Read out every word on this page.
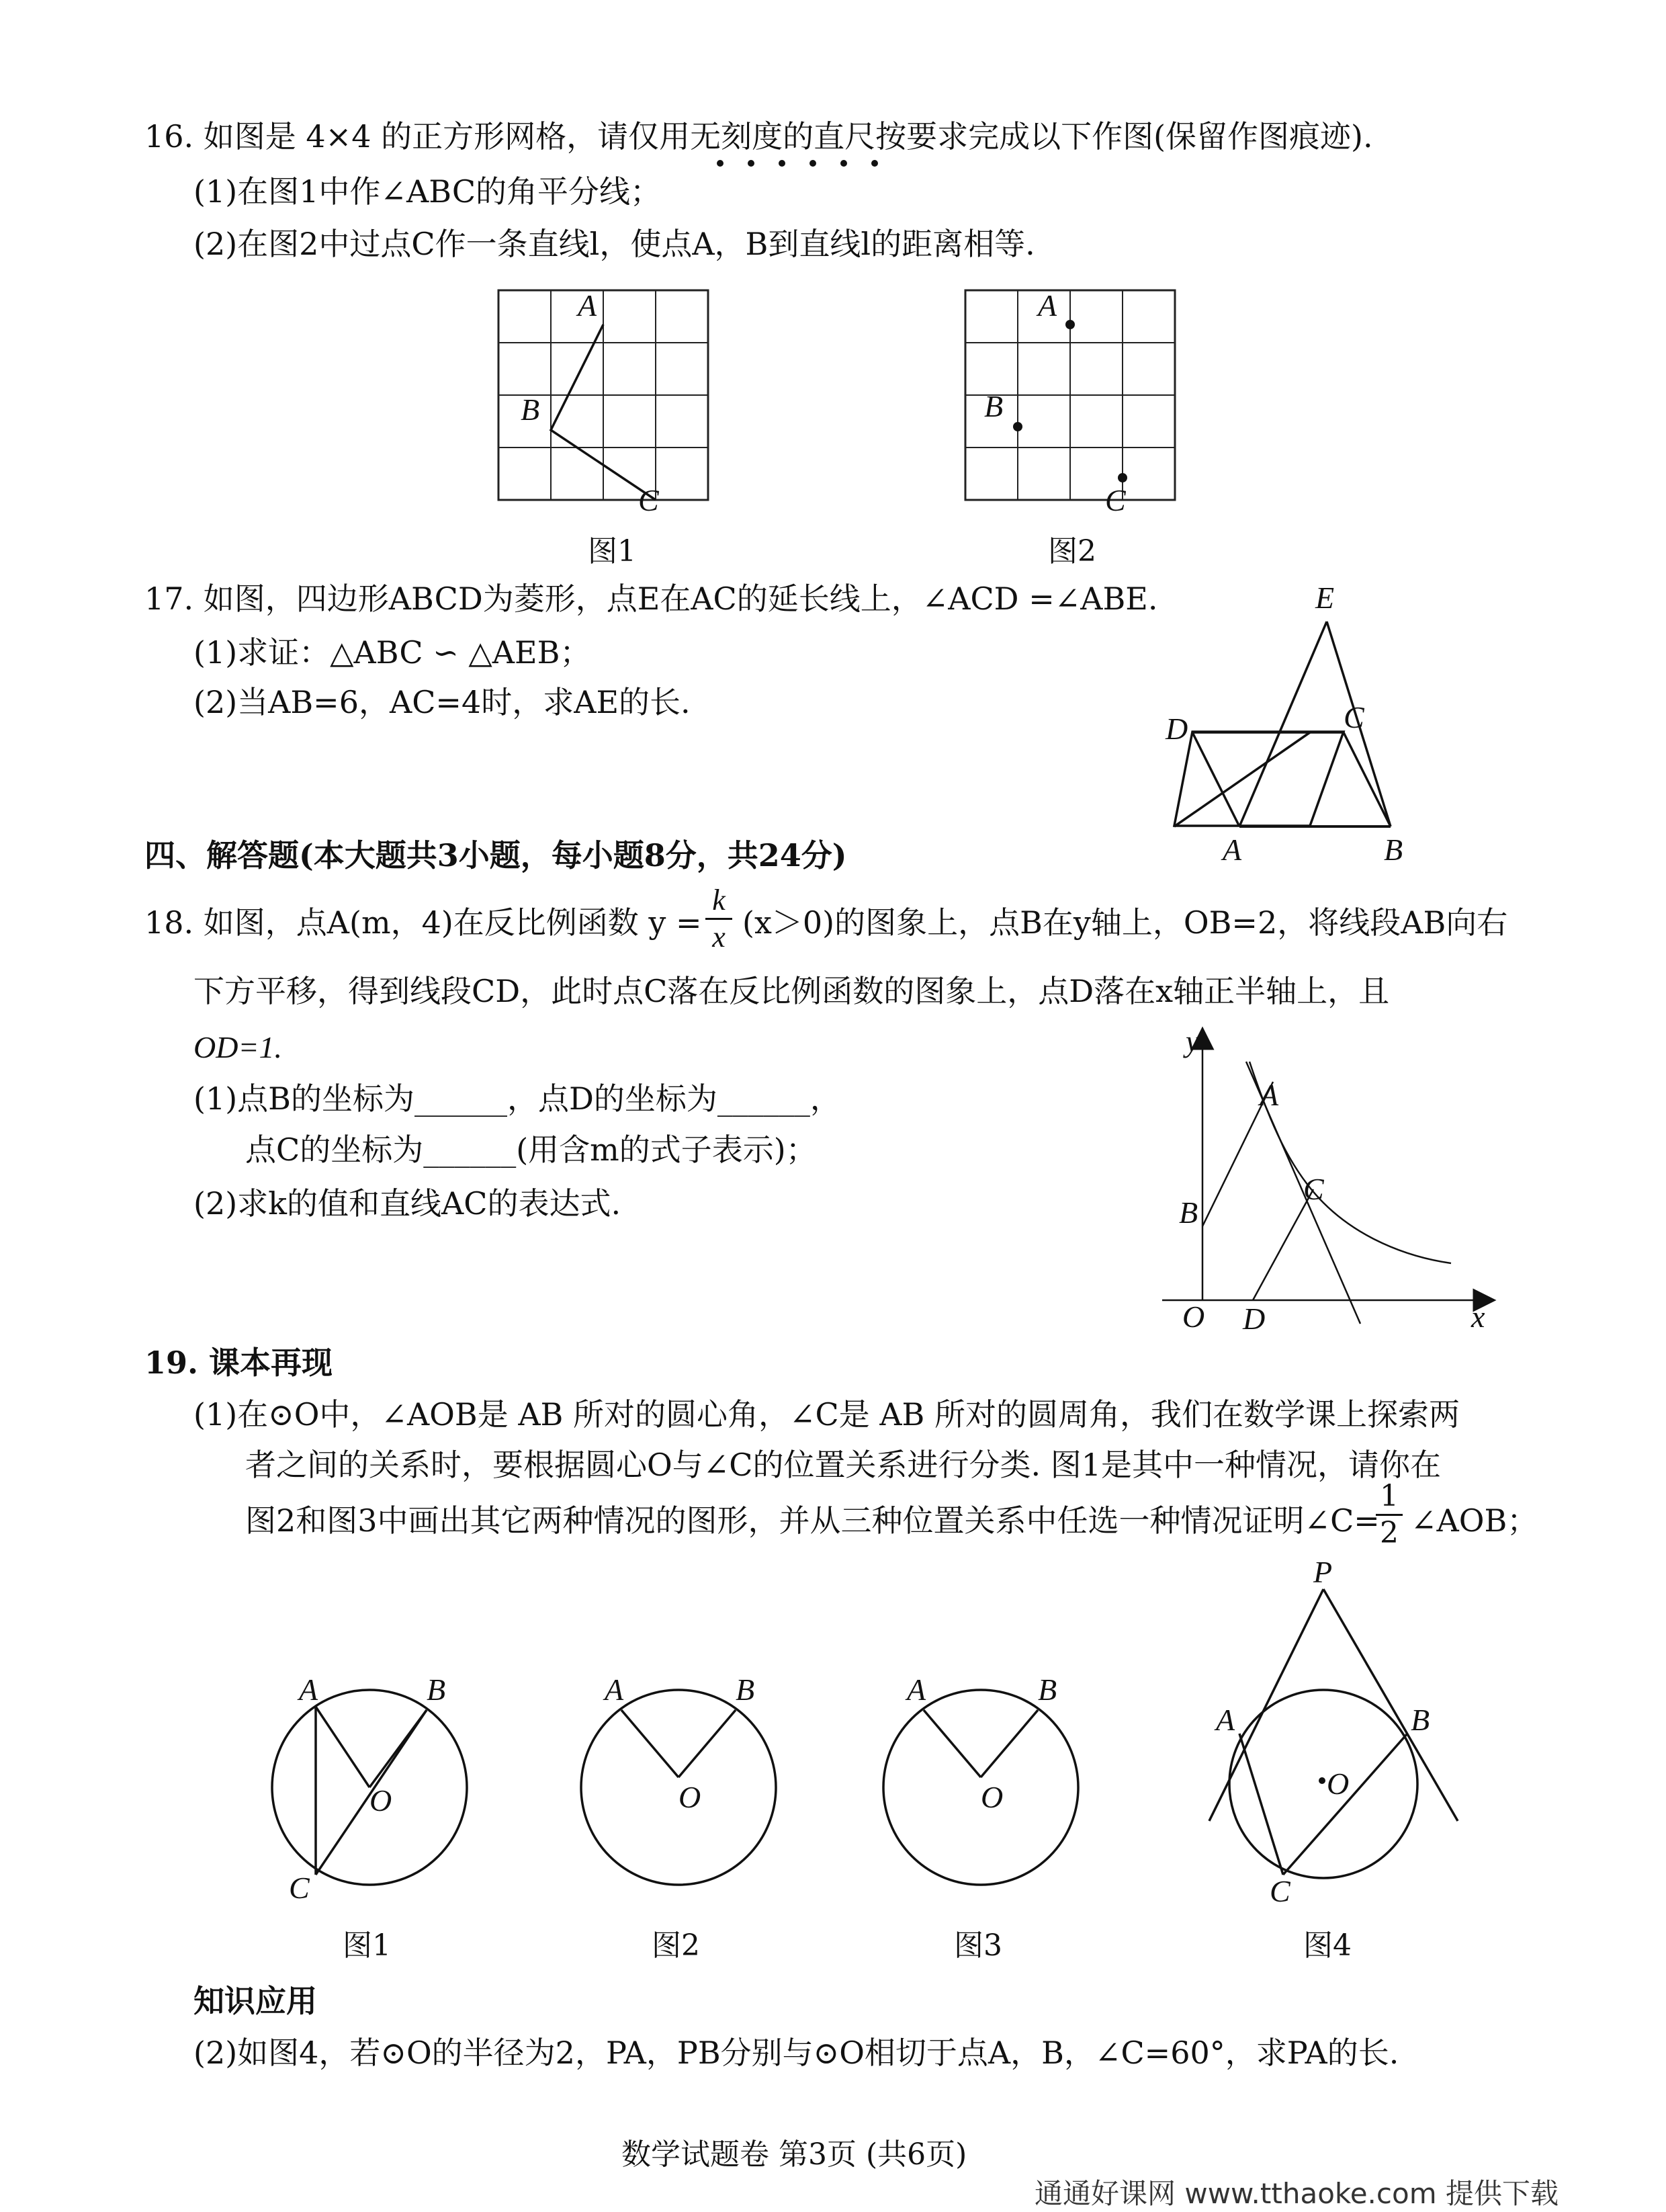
16. 如图是 4×4 的正方形网格，请仅用无刻度的直尺按要求完成以下作图(保留作图痕迹).
(1)在图1中作∠ABC的角平分线；
(2)在图2中过点C作一条直线l，使点A，B到直线l的距离相等.
A
B
C
图1
A
B
C
图2
17. 如图，四边形ABCD为菱形，点E在AC的延长线上，∠ACD =∠ABE.
(1)求证：△ABC ∽ △AEB；
(2)当AB=6，AC=4时，求AE的长.
E
D	C
A	B
四、解答题(本大题共3小题，每小题8分，共24分)
18. 如图，点A(m，4)在反比例函数 y =
k
x (x＞0)的图象上，点B在y轴上，OB=2，将线段AB向右
下方平移，得到线段CD，此时点C落在反比例函数的图象上，点D落在x轴正半轴上，且
OD=1.
(1)点B的坐标为______，点D的坐标为______，
点C的坐标为______(用含m的式子表示)；
(2)求k的值和直线AC的表达式.
y
x
O
A
B
C
D
19. 课本再现
(1)在⊙O中，∠AOB是 AB 所对的圆心角，∠C是 AB 所对的圆周角，我们在数学课上探索两
者之间的关系时，要根据圆心O与∠C的位置关系进行分类. 图1是其中一种情况，请你在
图2和图3中画出其它两种情况的图形，并从三种位置关系中任选一种情况证明∠C=
1
2 ∠AOB；
A	B
O
C
图1
A	B
O
图2
A	B
O
图3
P
A	B
O
C
图4
知识应用
(2)如图4，若⊙O的半径为2，PA，PB分别与⊙O相切于点A，B，∠C=60°，求PA的长.
数学试题卷 第3页 (共6页)
通通好课网 www.tthaoke.com 提供下载
